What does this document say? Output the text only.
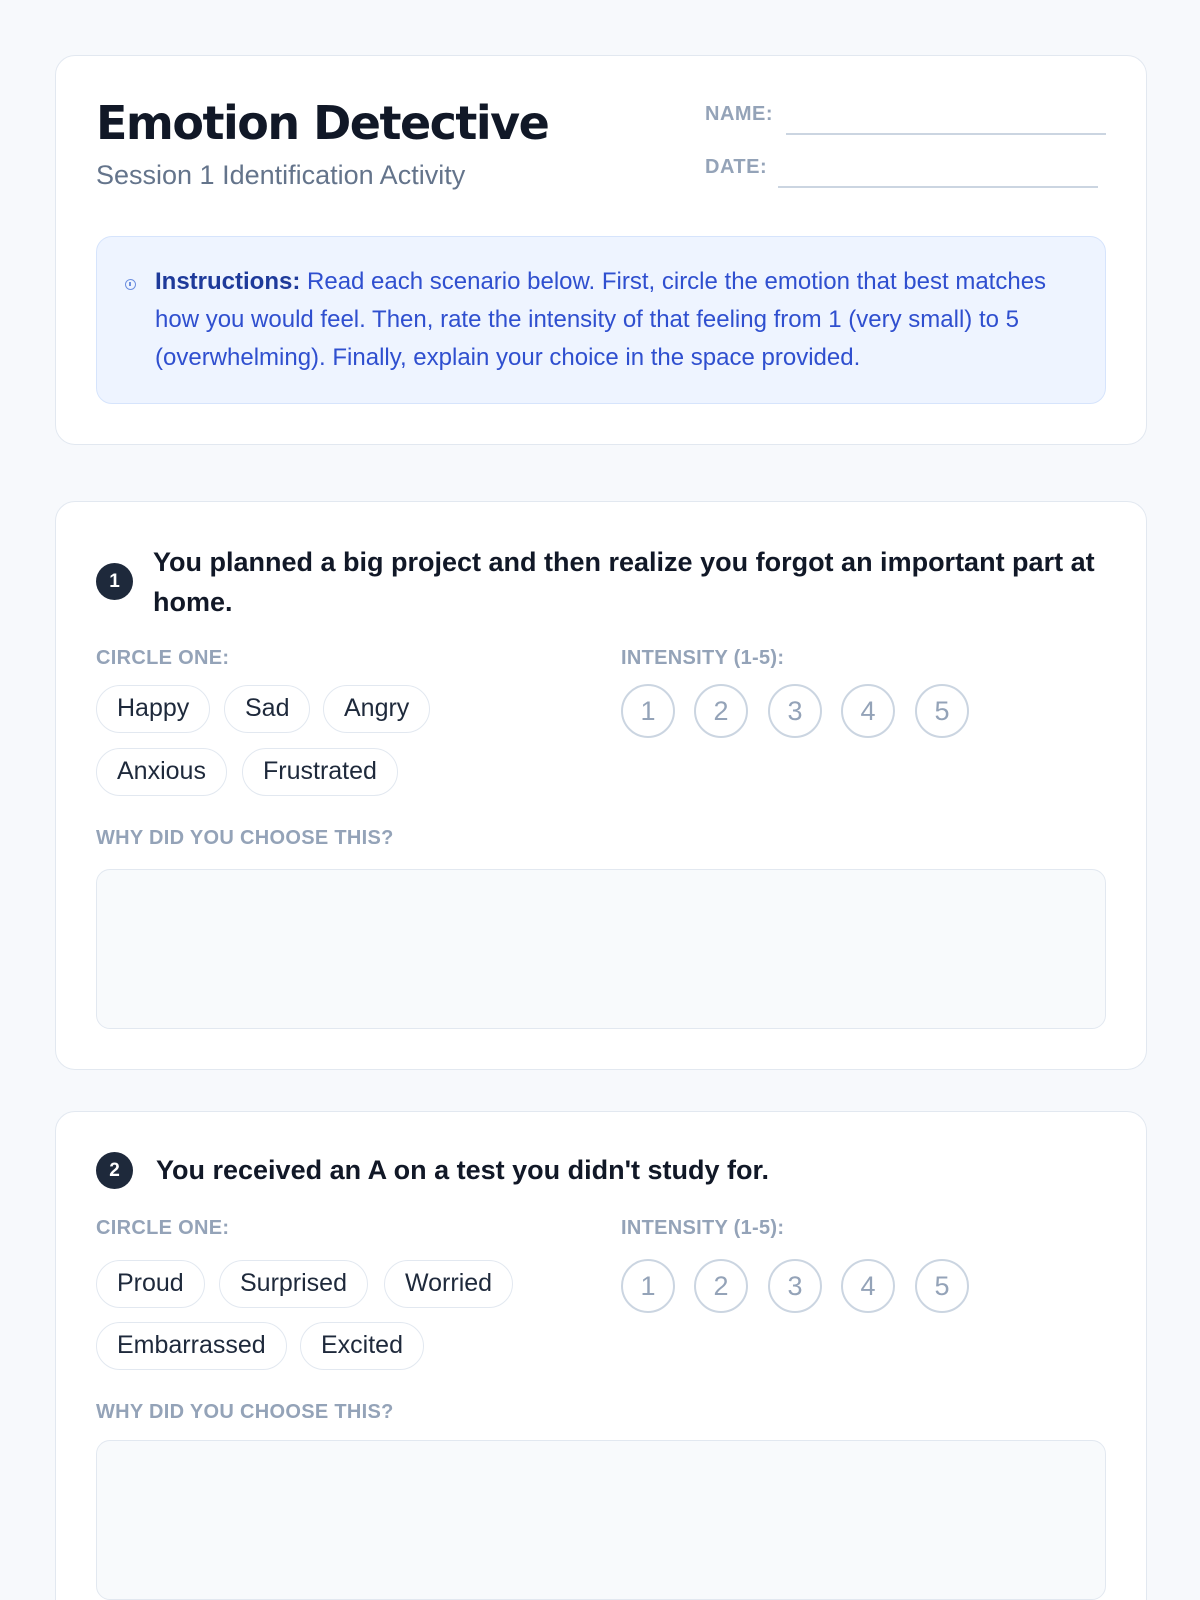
Emotion Detective
Session 1 Identification Activity
NAME:
DATE:
Instructions: Read each scenario below. First, circle the emotion that best matches how you would feel. Then, rate the intensity of that feeling from 1 (very small) to 5 (overwhelming). Finally, explain your choice in the space provided.
1
You planned a big project and then realize you forgot an important part at home.
CIRCLE ONE:	INTENSITY (1-5):
Happy	Sad	Angry
Anxious	Frustrated
1	2	3	4	5
WHY DID YOU CHOOSE THIS?
2	You received an A on a test you didn't study for.
CIRCLE ONE:	INTENSITY (1-5):
Proud	Surprised	Worried
Embarrassed	Excited
1	2	3	4	5
WHY DID YOU CHOOSE THIS?
